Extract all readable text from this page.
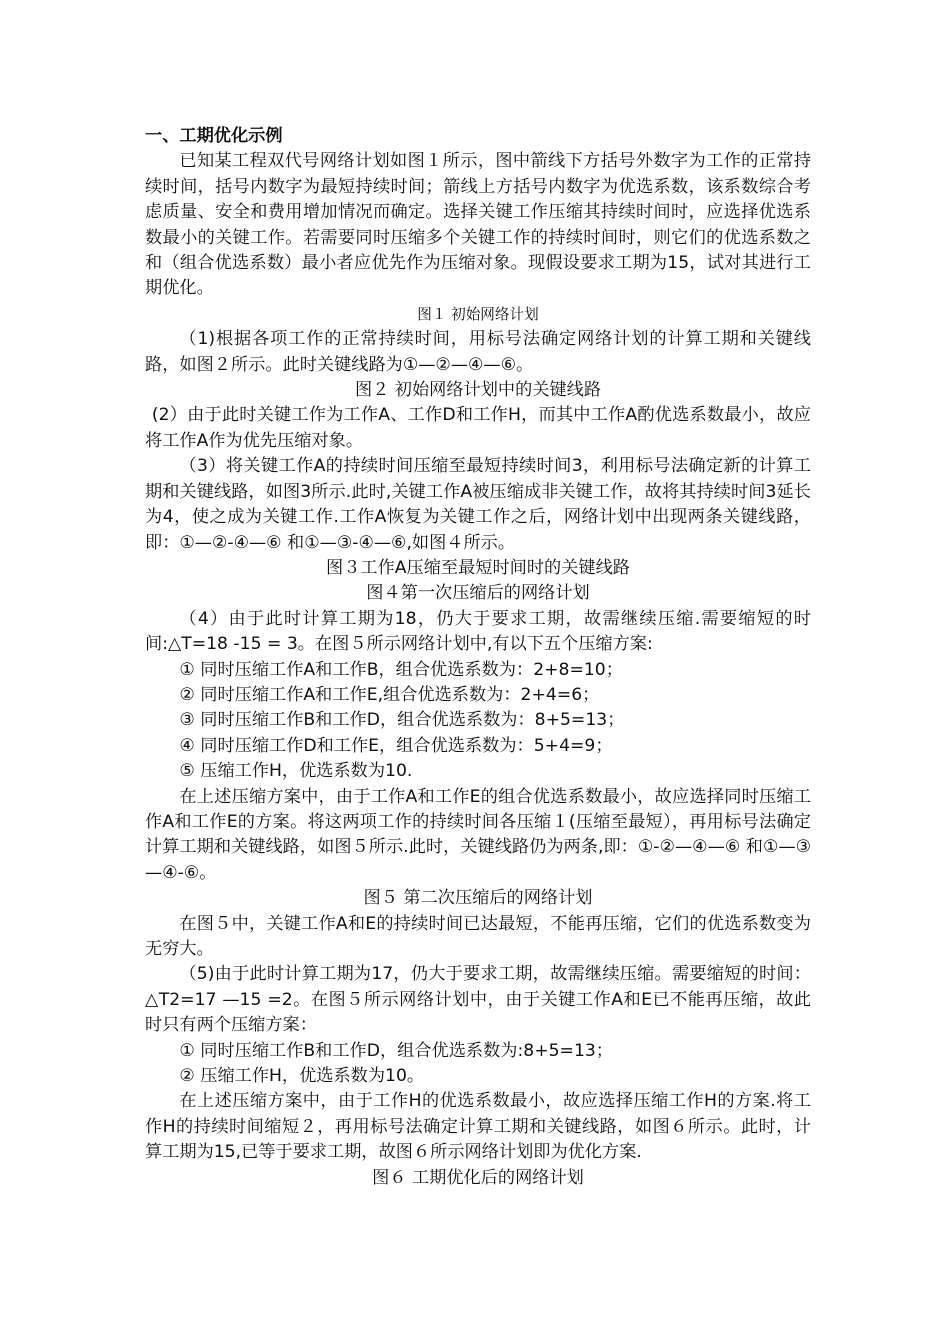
一、工期优化示例

已知某工程双代号网络计划如图１所示，图中箭线下方括号外数字为工作的正常持续时间，括号内数字为最短持续时间；箭线上方括号内数字为优选系数，该系数综合考虑质量、安全和费用增加情况而确定。选择关键工作压缩其持续时间时，应选择优选系数最小的关键工作。若需要同时压缩多个关键工作的持续时间时，则它们的优选系数之和（组合优选系数）最小者应优先作为压缩对象。现假设要求工期为15，试对其进行工期优化。

图１ 初始网络计划

（1)根据各项工作的正常持续时间，用标号法确定网络计划的计算工期和关键线路，如图２所示。此时关键线路为①—②—④—⑥。

图２ 初始网络计划中的关键线路

(2）由于此时关键工作为工作A、工作D和工作H，而其中工作A酌优选系数最小，故应将工作A作为优先压缩对象。

（3）将关键工作A的持续时间压缩至最短持续时间3，利用标号法确定新的计算工期和关键线路，如图3所示.此时,关键工作A被压缩成非关键工作，故将其持续时间3延长为4，使之成为关键工作.工作A恢复为关键工作之后，网络计划中出现两条关键线路，即：①—②-④—⑥ 和①—③-④—⑥,如图４所示。

图３工作A压缩至最短时间时的关键线路

图４第一次压缩后的网络计划

（4）由于此时计算工期为18，仍大于要求工期，故需继续压缩.需要缩短的时间:△T=18 -15 = 3。在图５所示网络计划中,有以下五个压缩方案:

① 同时压缩工作A和工作B，组合优选系数为：2+8=10；

② 同时压缩工作A和工作E,组合优选系数为：2+4=6；

③ 同时压缩工作B和工作D，组合优选系数为：8+5=13；

④ 同时压缩工作D和工作E，组合优选系数为：5+4=9；

⑤ 压缩工作H，优选系数为10.

在上述压缩方案中，由于工作A和工作E的组合优选系数最小，故应选择同时压缩工作A和工作E的方案。将这两项工作的持续时间各压缩１(压缩至最短），再用标号法确定计算工期和关键线路，如图５所示.此时，关键线路仍为两条,即：①-②—④—⑥ 和①—③—④-⑥。

图５ 第二次压缩后的网络计划

在图５中，关键工作A和E的持续时间已达最短，不能再压缩，它们的优选系数变为无穷大。

（5)由于此时计算工期为17，仍大于要求工期，故需继续压缩。需要缩短的时间：△T2=17 —15 =2。在图５所示网络计划中，由于关键工作A和E已不能再压缩，故此时只有两个压缩方案：

① 同时压缩工作B和工作D，组合优选系数为:8+5=13；

② 压缩工作H，优选系数为10。

在上述压缩方案中，由于工作H的优选系数最小，故应选择压缩工作H的方案.将工作H的持续时间缩短２，再用标号法确定计算工期和关键线路，如图６所示。此时，计算工期为15,已等于要求工期，故图６所示网络计划即为优化方案.

图６ 工期优化后的网络计划
